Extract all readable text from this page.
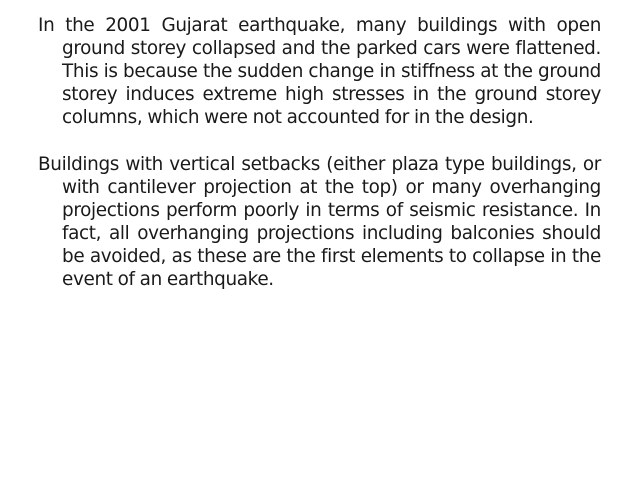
In the 2001 Gujarat earthquake, many buildings with open ground storey collapsed and the parked cars were flattened. This is because the sudden change in stiffness at the ground storey induces extreme high stresses in the ground storey columns, which were not accounted for in the design.

Buildings with vertical setbacks (either plaza type buildings, or with cantilever projection at the top) or many overhanging projections perform poorly in terms of seismic resistance. In fact, all overhanging projections including balconies should be avoided, as these are the first elements to collapse in the event of an earthquake.
